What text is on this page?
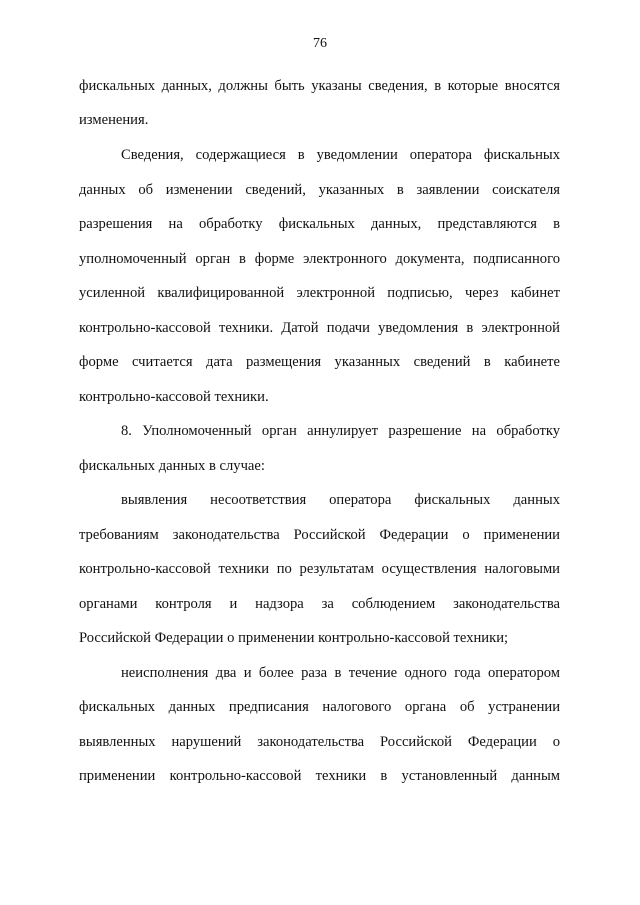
76
фискальных данных, должны быть указаны сведения, в которые вносятся
изменения.
Сведения, содержащиеся в уведомлении оператора фискальных
данных об изменении сведений, указанных в заявлении соискателя
разрешения на обработку фискальных данных, представляются в
уполномоченный орган в форме электронного документа, подписанного
усиленной квалифицированной электронной подписью, через кабинет
контрольно-кассовой техники. Датой подачи уведомления в электронной
форме считается дата размещения указанных сведений в кабинете
контрольно-кассовой техники.
8. Уполномоченный орган аннулирует разрешение на обработку
фискальных данных в случае:
выявления несоответствия оператора фискальных данных
требованиям законодательства Российской Федерации о применении
контрольно-кассовой техники по результатам осуществления налоговыми
органами контроля и надзора за соблюдением законодательства
Российской Федерации о применении контрольно-кассовой техники;
неисполнения два и более раза в течение одного года оператором
фискальных данных предписания налогового органа об устранении
выявленных нарушений законодательства Российской Федерации о
применении контрольно-кассовой техники в установленный данным
